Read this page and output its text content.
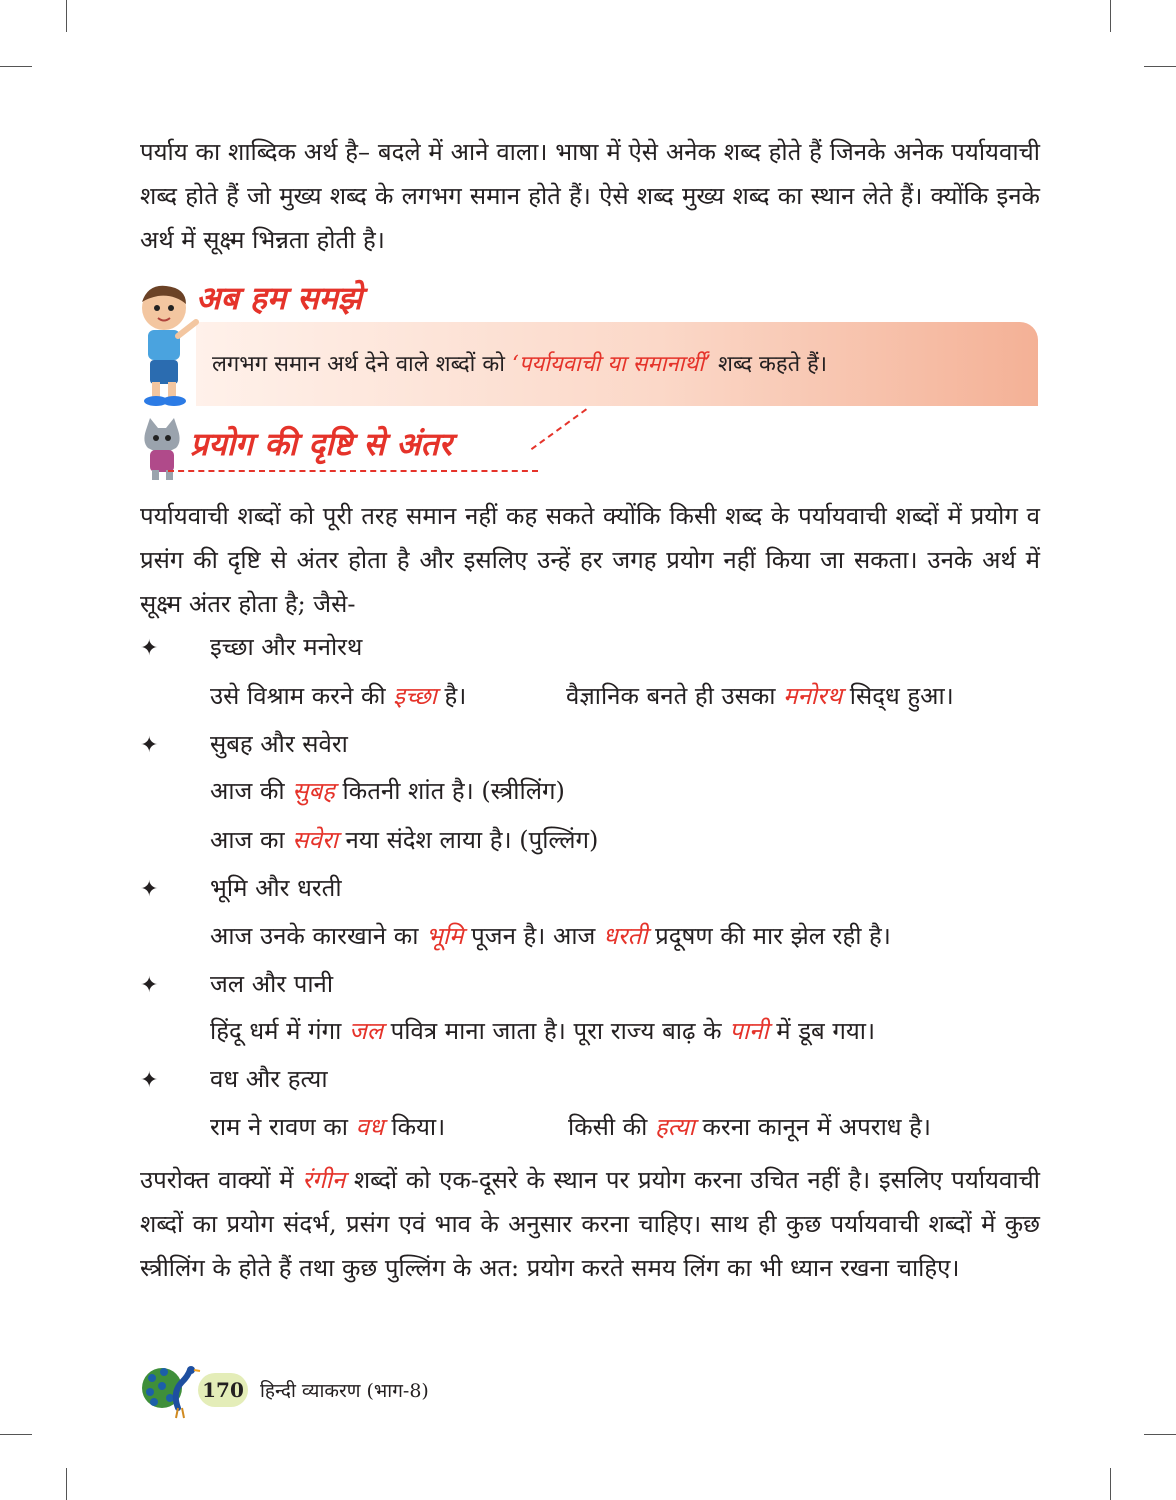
पर्याय का शाब्दिक अर्थ है– बदले में आने वाला। भाषा में ऐसे अनेक शब्द होते हैं जिनके अनेक पर्यायवाची शब्द होते हैं जो मुख्य शब्द के लगभग समान होते हैं। ऐसे शब्द मुख्य शब्द का स्थान लेते हैं। क्योंकि इनके अर्थ में सूक्ष्म भिन्नता होती है।

अब हम समझे
लगभग समान अर्थ देने वाले शब्दों को ‘पर्यायवाची या समानार्थी’ शब्द कहते हैं।
प्रयोग की दृष्टि से अंतर

पर्यायवाची शब्दों को पूरी तरह समान नहीं कह सकते क्योंकि किसी शब्द के पर्यायवाची शब्दों में प्रयोग व प्रसंग की दृष्टि से अंतर होता है और इसलिए उन्हें हर जगह प्रयोग नहीं किया जा सकता। उनके अर्थ में सूक्ष्म अंतर होता है; जैसे-

✦ इच्छा और मनोरथ
उसे विश्राम करने की इच्छा है।	वैज्ञानिक बनते ही उसका मनोरथ सिद्‌ध हुआ।
✦ सुबह और सवेरा
आज की सुबह कितनी शांत है। (स्त्रीलिंग)
आज का सवेरा नया संदेश लाया है। (पुल्लिंग)
✦ भूमि और धरती
आज उनके कारखाने का भूमि पूजन है। आज धरती प्रदूषण की मार झेल रही है।
✦ जल और पानी
हिंदू धर्म में गंगा जल पवित्र माना जाता है। पूरा राज्य बाढ़ के पानी में डूब गया।
✦ वध और हत्या
राम ने रावण का वध किया।	किसी की हत्या करना कानून में अपराध है।

उपरोक्त वाक्यों में रंगीन शब्दों को एक-दूसरे के स्थान पर प्रयोग करना उचित नहीं है। इसलिए पर्यायवाची शब्दों का प्रयोग संदर्भ, प्रसंग एवं भाव के अनुसार करना चाहिए। साथ ही कुछ पर्यायवाची शब्दों में कुछ स्त्रीलिंग के होते हैं तथा कुछ पुल्लिंग के अत: प्रयोग करते समय लिंग का भी ध्यान रखना चाहिए।

170 हिन्दी व्याकरण (भाग-8)
